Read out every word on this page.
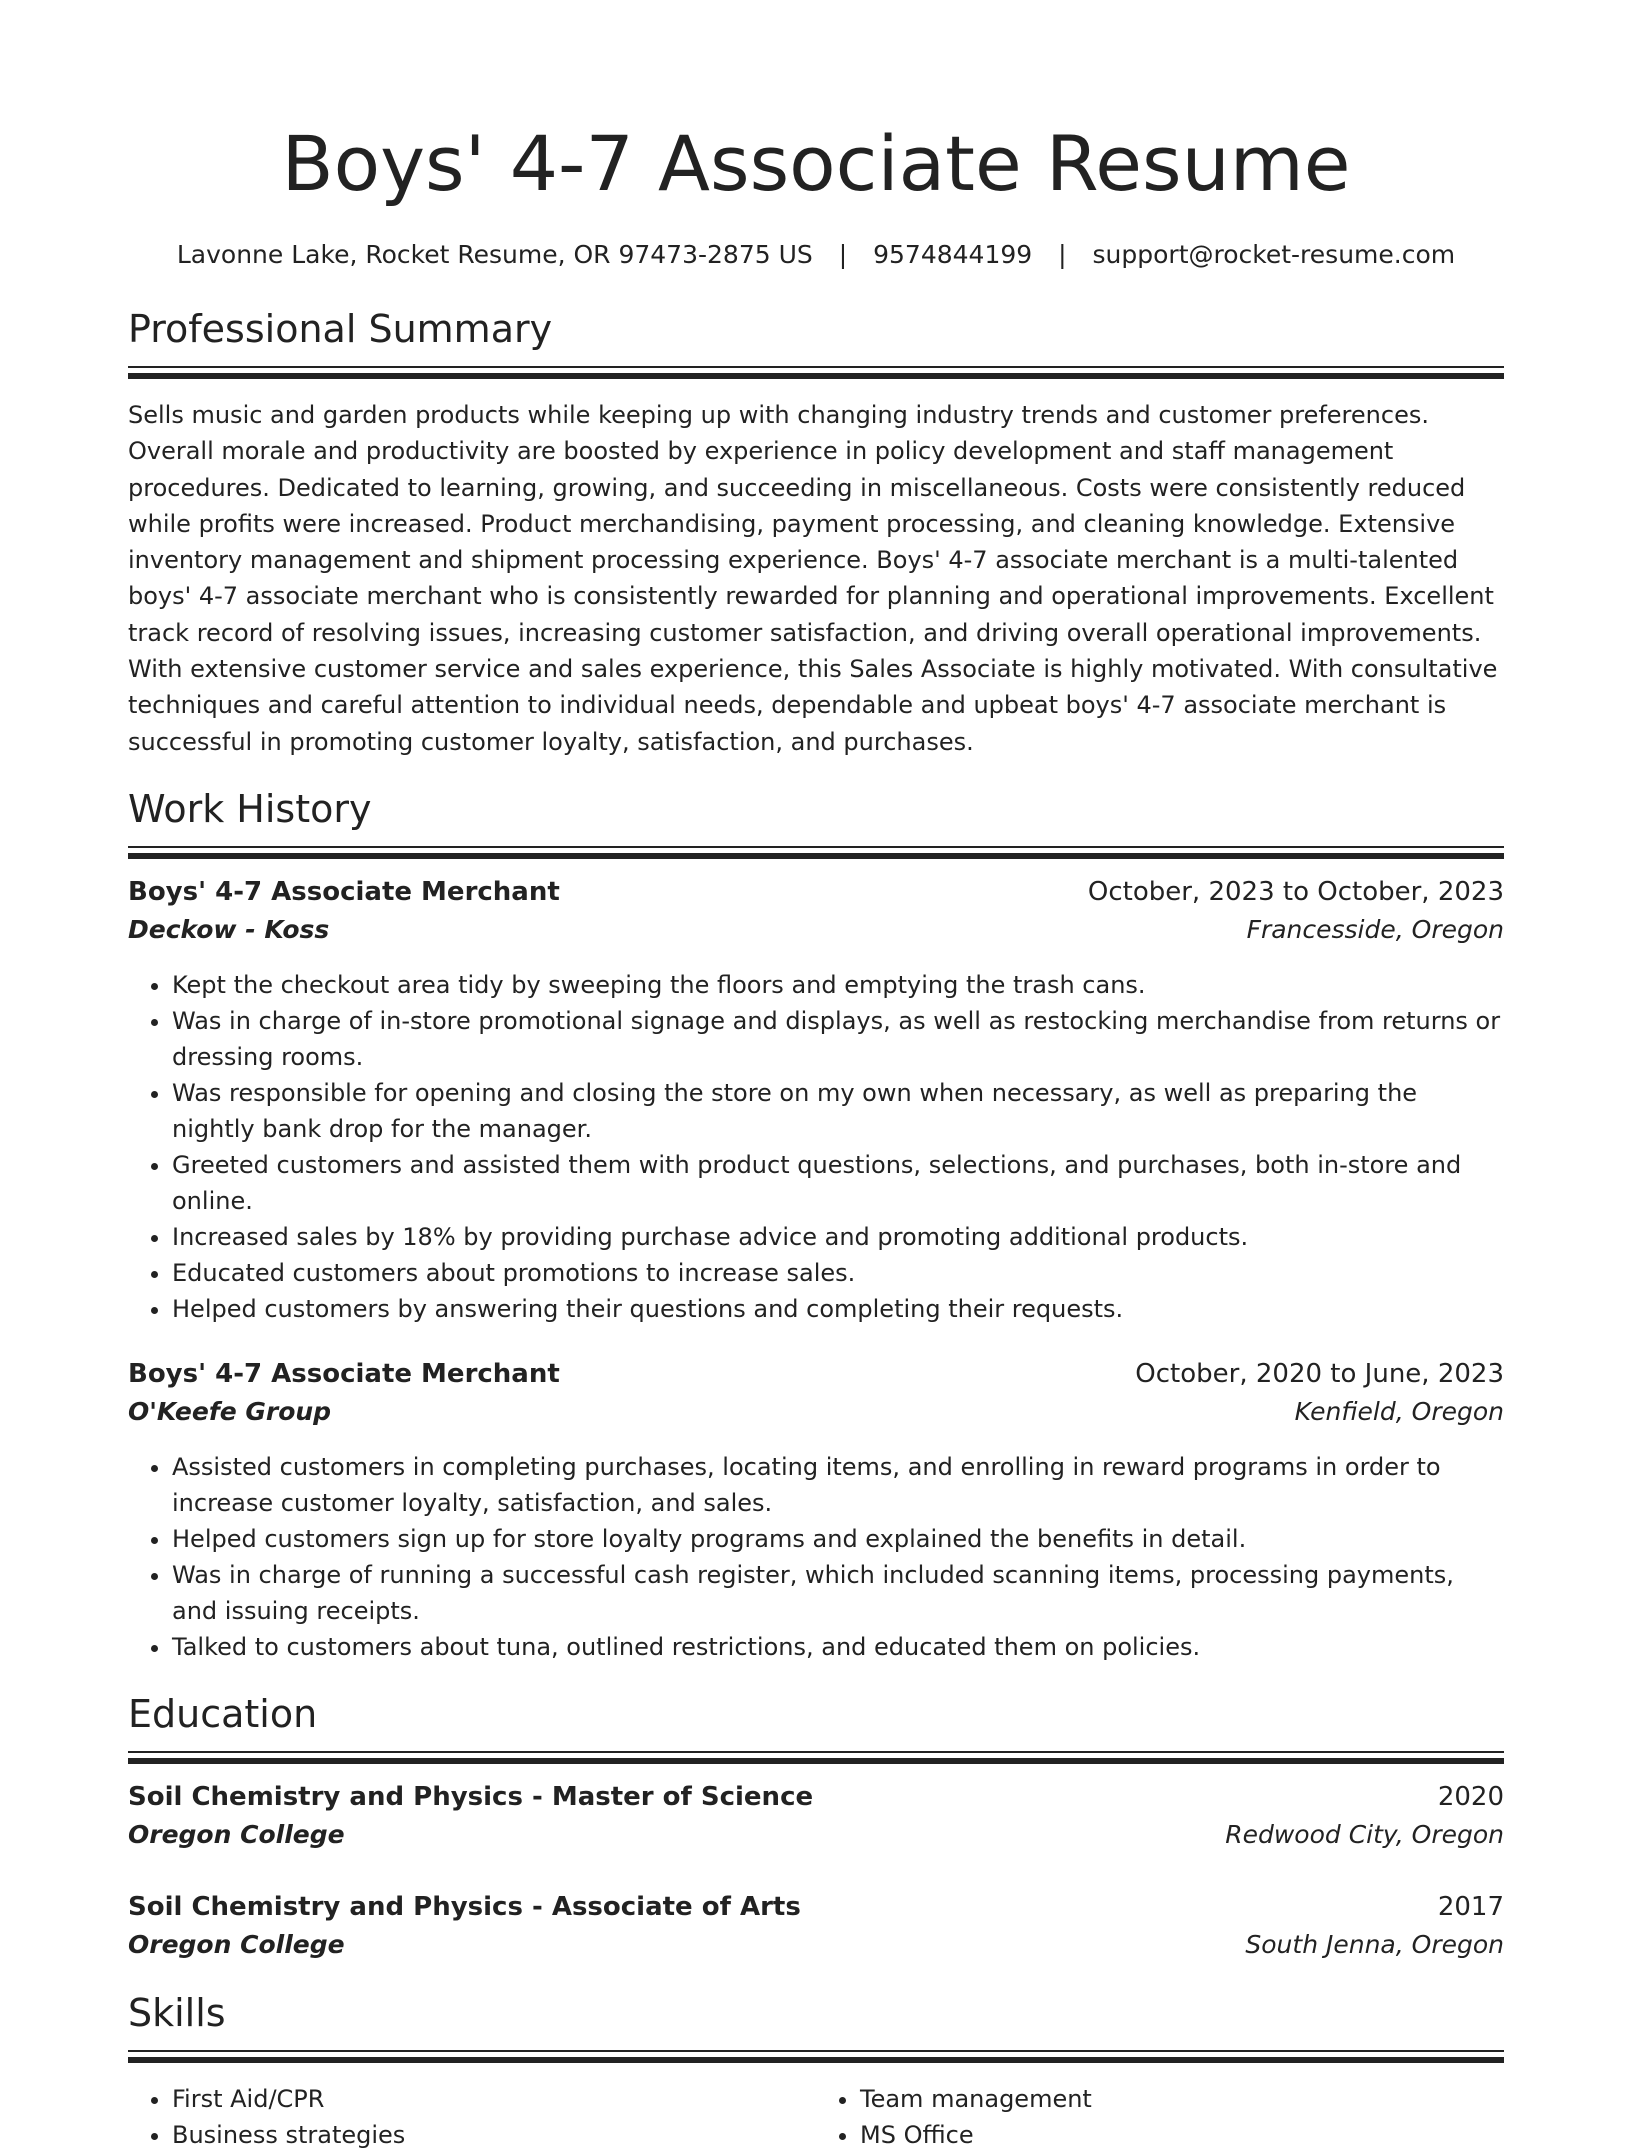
Boys' 4-7 Associate Resume
Lavonne Lake, Rocket Resume, OR 97473-2875 US | 9574844199 | support@rocket-resume.com
Professional Summary

Sells music and garden products while keeping up with changing industry trends and customer preferences. Overall morale and productivity are boosted by experience in policy development and staff management procedures. Dedicated to learning, growing, and succeeding in miscellaneous. Costs were consistently reduced while profits were increased. Product merchandising, payment processing, and cleaning knowledge. Extensive inventory management and shipment processing experience. Boys' 4-7 associate merchant is a multi-talented boys' 4-7 associate merchant who is consistently rewarded for planning and operational improvements. Excellent track record of resolving issues, increasing customer satisfaction, and driving overall operational improvements. With extensive customer service and sales experience, this Sales Associate is highly motivated. With consultative techniques and careful attention to individual needs, dependable and upbeat boys' 4-7 associate merchant is successful in promoting customer loyalty, satisfaction, and purchases.

Work History
Boys' 4-7 Associate Merchant	October, 2023 to October, 2023
Deckow - Koss	Francesside, Oregon
• Kept the checkout area tidy by sweeping the floors and emptying the trash cans.
• Was in charge of in-store promotional signage and displays, as well as restocking merchandise from returns or dressing rooms.
• Was responsible for opening and closing the store on my own when necessary, as well as preparing the nightly bank drop for the manager.
• Greeted customers and assisted them with product questions, selections, and purchases, both in-store and online.
• Increased sales by 18% by providing purchase advice and promoting additional products.
• Educated customers about promotions to increase sales.
• Helped customers by answering their questions and completing their requests.
Boys' 4-7 Associate Merchant	October, 2020 to June, 2023
O'Keefe Group	Kenfield, Oregon
• Assisted customers in completing purchases, locating items, and enrolling in reward programs in order to increase customer loyalty, satisfaction, and sales.
• Helped customers sign up for store loyalty programs and explained the benefits in detail.
• Was in charge of running a successful cash register, which included scanning items, processing payments, and issuing receipts.
• Talked to customers about tuna, outlined restrictions, and educated them on policies.
Education
Soil Chemistry and Physics - Master of Science	2020
Oregon College	Redwood City, Oregon
Soil Chemistry and Physics - Associate of Arts	2017
Oregon College	South Jenna, Oregon
Skills
• First Aid/CPR
• Business strategies
• Team management
• MS Office
